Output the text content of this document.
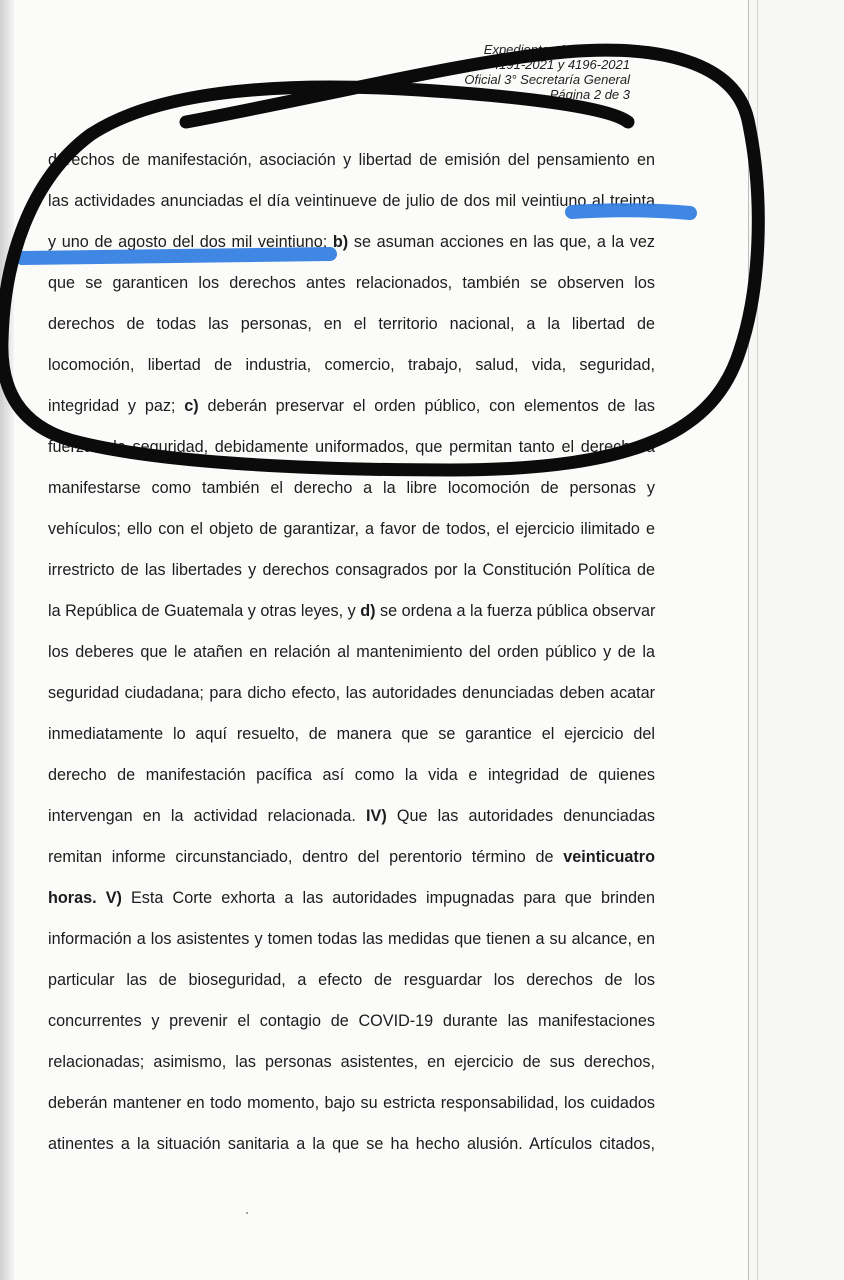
Expedientes Acumulados
4191-2021 y 4196-2021
Oficial 3° Secretaría General
Página 2 de 3
derechos de manifestación, asociación y libertad de emisión del pensamiento en
las actividades anunciadas el día veintinueve de julio de dos mil veintiuno al treinta
y uno de agosto del dos mil veintiuno; b) se asuman acciones en las que, a la vez
que se garanticen los derechos antes relacionados, también se observen los
derechos de todas las personas, en el territorio nacional, a la libertad de
locomoción, libertad de industria, comercio, trabajo, salud, vida, seguridad,
integridad y paz; c) deberán preservar el orden público, con elementos de las
fuerzas de seguridad, debidamente uniformados, que permitan tanto el derecho a
manifestarse como también el derecho a la libre locomoción de personas y
vehículos; ello con el objeto de garantizar, a favor de todos, el ejercicio ilimitado e
irrestricto de las libertades y derechos consagrados por la Constitución Política de
la República de Guatemala y otras leyes, y d) se ordena a la fuerza pública observar
los deberes que le atañen en relación al mantenimiento del orden público y de la
seguridad ciudadana; para dicho efecto, las autoridades denunciadas deben acatar
inmediatamente lo aquí resuelto, de manera que se garantice el ejercicio del
derecho de manifestación pacífica así como la vida e integridad de quienes
intervengan en la actividad relacionada. IV) Que las autoridades denunciadas
remitan informe circunstanciado, dentro del perentorio término de veinticuatro
horas. V) Esta Corte exhorta a las autoridades impugnadas para que brinden
información a los asistentes y tomen todas las medidas que tienen a su alcance, en
particular las de bioseguridad, a efecto de resguardar los derechos de los
concurrentes y prevenir el contagio de COVID-19 durante las manifestaciones
relacionadas; asimismo, las personas asistentes, en ejercicio de sus derechos,
deberán mantener en todo momento, bajo su estricta responsabilidad, los cuidados
atinentes a la situación sanitaria a la que se ha hecho alusión. Artículos citados,
